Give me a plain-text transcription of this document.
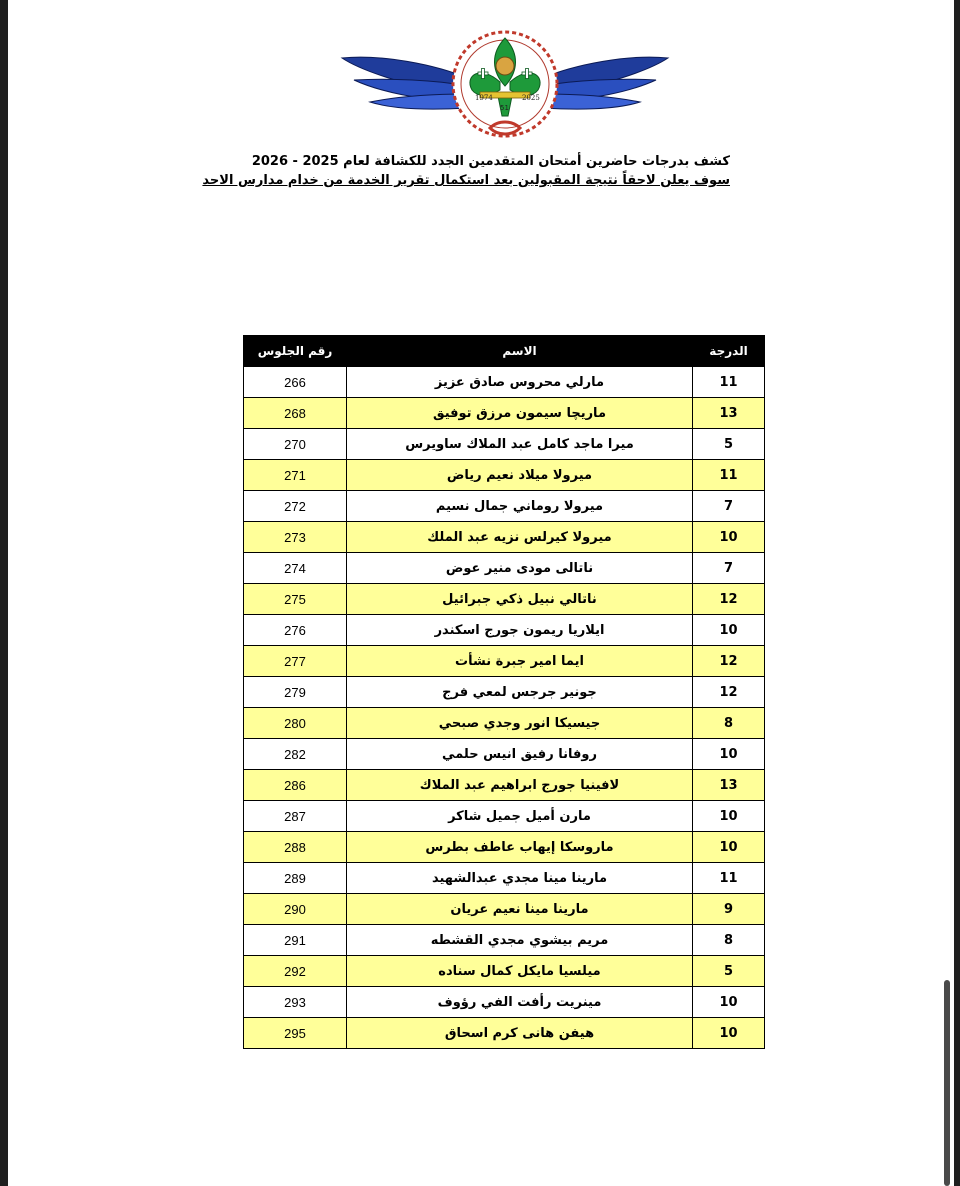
1974	2025
51
كشف بدرجات حاضرين أمتحان المتقدمين الجدد للكشافة لعام 2025 - 2026
سوف يعلن لاحقاً نتيجة المقبولين بعد استكمال تقرير الخدمة من خدام مدارس الاحد
الدرجة	الاسم	رقم الجلوس
11	مارلي محروس صادق عزيز	266
13	ماريچا سيمون مرزق توفيق	268
5	ميرا ماجد كامل عبد الملاك ساويرس	270
11	ميرولا ميلاد نعيم رياض	271
7	ميرولا روماني جمال نسيم	272
10	ميرولا كيرلس نزيه عبد الملك	273
7	ناتالى مودى منير عوض	274
12	ناتالي نبيل ذكي جبرائيل	275
10	ايلاريا ريمون جورج اسكندر	276
12	ايما امير جبرة نشأت	277
12	جونير جرجس لمعي فرج	279
8	جيسيكا انور وجدي صبحي	280
10	روفانا رفيق انيس حلمي	282
13	لافينيا جورج ابراهيم عبد الملاك	286
10	مارن أميل جميل شاكر	287
10	ماروسكا إيهاب عاطف بطرس	288
11	مارينا مينا مجدي عبدالشهيد	289
9	مارينا مينا نعيم عريان	290
8	مريم بيشوي مجدي القشطه	291
5	ميلسيا مايكل كمال سناده	292
10	مينريت رأفت الفي رؤوف	293
10	هيفن هانى كرم اسحاق	295
